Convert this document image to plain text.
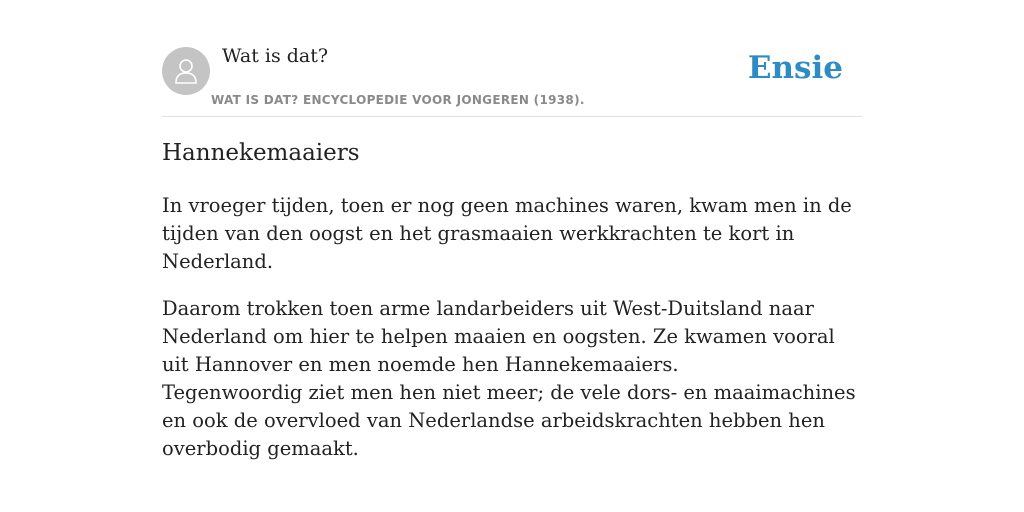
Wat is dat?
WAT IS DAT? ENCYCLOPEDIE VOOR JONGEREN (1938).
Ensie
Hannekemaaiers

In vroeger tijden, toen er nog geen machines waren, kwam men in de tijden van den oogst en het grasmaaien werkkrachten te kort in Nederland.

Daarom trokken toen arme landarbeiders uit West-Duitsland naar Nederland om hier te helpen maaien en oogsten. Ze kwamen vooral uit Hannover en men noemde hen Hannekemaaiers.
Tegenwoordig ziet men hen niet meer; de vele dors- en maaimachines en ook de overvloed van Nederlandse arbeidskrachten hebben hen overbodig gemaakt.
